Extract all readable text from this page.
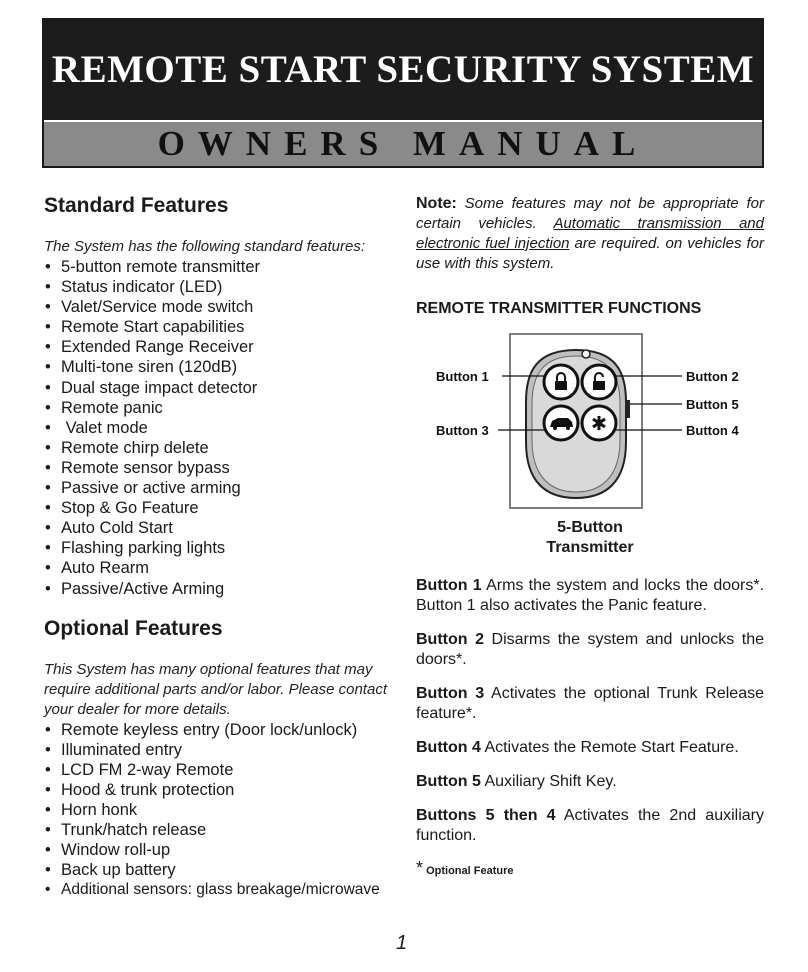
REMOTE START SECURITY SYSTEM
OWNERS MANUAL
Standard Features
The System has the following standard features:
• 5-button remote transmitter
• Status indicator (LED)
• Valet/Service mode switch
• Remote Start capabilities
• Extended Range Receiver
• Multi-tone siren (120dB)
• Dual stage impact detector
• Remote panic
•  Valet mode
• Remote chirp delete
• Remote sensor bypass
• Passive or active arming
• Stop & Go Feature
• Auto Cold Start
• Flashing parking lights
• Auto Rearm
• Passive/Active Arming
Optional Features
This System has many optional features that may require additional parts and/or labor. Please contact your dealer for more details.
• Remote keyless entry (Door lock/unlock)
• Illuminated entry
• LCD FM 2-way Remote
• Hood & trunk protection
• Horn honk
• Trunk/hatch release
• Window roll-up
• Back up battery
• Additional sensors: glass breakage/microwave
Note: Some features may not be appropriate for certain vehicles. Automatic transmission and electronic fuel injection are required. on vehicles for use with this system.
REMOTE TRANSMITTER FUNCTIONS
Button 1	Button 2
Button 5
Button 3	Button 4
5-Button
Transmitter
Button 1 Arms the system and locks the doors*. Button 1 also activates the Panic feature.
Button 2 Disarms the system and unlocks the doors*.
Button 3 Activates the optional Trunk Release feature*.
Button 4 Activates the Remote Start Feature.
Button 5 Auxiliary Shift Key.
Buttons 5 then 4 Activates the 2nd auxiliary function.
* Optional Feature
1
